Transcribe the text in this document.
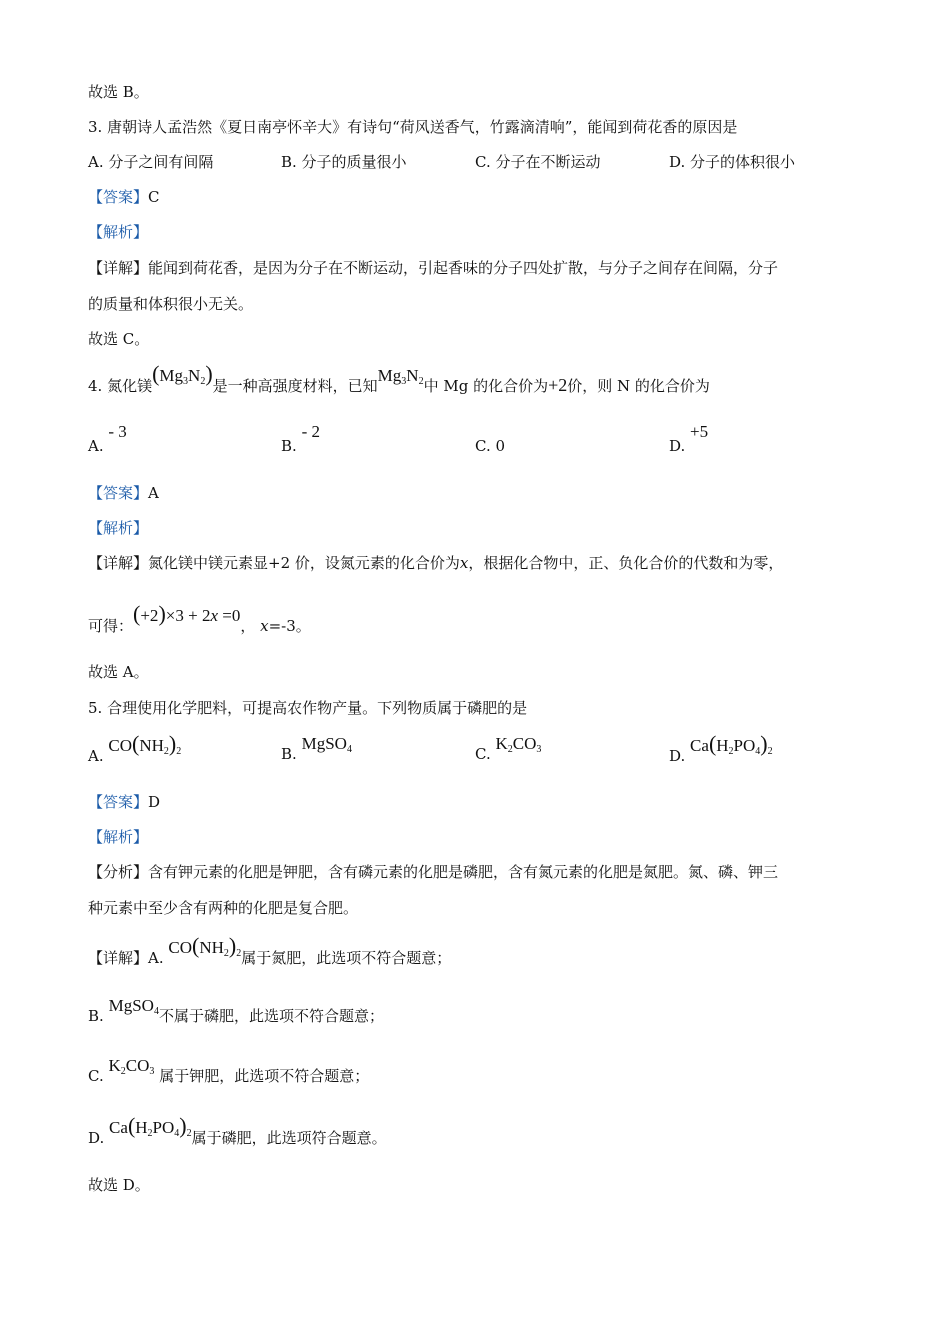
故选 B。
3. 唐朝诗人孟浩然《夏日南亭怀辛大》有诗句“荷风送香气，竹露滴清响”，能闻到荷花香的原因是
A. 分子之间有间隔	B. 分子的质量很小	C. 分子在不断运动	D. 分子的体积很小
【答案】C
【解析】
【详解】能闻到荷花香，是因为分子在不断运动，引起香味的分子四处扩散，与分子之间存在间隔，分子
的质量和体积很小无关。
故选 C。
4. 氮化镁$(Mg_3N_2)$是一种高强度材料，已知$Mg_3N_2$中 Mg 的化合价为+2价，则 N 的化合价为
A. - 3
B. - 2
C. 0	D. +5
【答案】A
【解析】
【详解】氮化镁中镁元素显+2 价，设氮元素的化合价为x，根据化合物中，正、负化合价的代数和为零，
可得：(+2)×3 + 2x =0， x=-3。
故选 A。
5. 合理使用化学肥料，可提高农作物产量。下列物质属于磷肥的是
A. $CO(NH_2)_2$	B. MgSO$_4$	C. $K_2CO_3$	D. $Ca(H_2PO_4)_2$
【答案】D
【解析】
【分析】含有钾元素的化肥是钾肥，含有磷元素的化肥是磷肥，含有氮元素的化肥是氮肥。氮、磷、钾三
种元素中至少含有两种的化肥是复合肥。
【详解】A. $CO(NH_2)_2$属于氮肥，此选项不符合题意；
B. MgSO$_4$不属于磷肥，此选项不符合题意；
C. $K_2CO_3$ 属于钾肥，此选项不符合题意；
D. $Ca(H_2PO_4)_2$属于磷肥，此选项符合题意。
故选 D。
